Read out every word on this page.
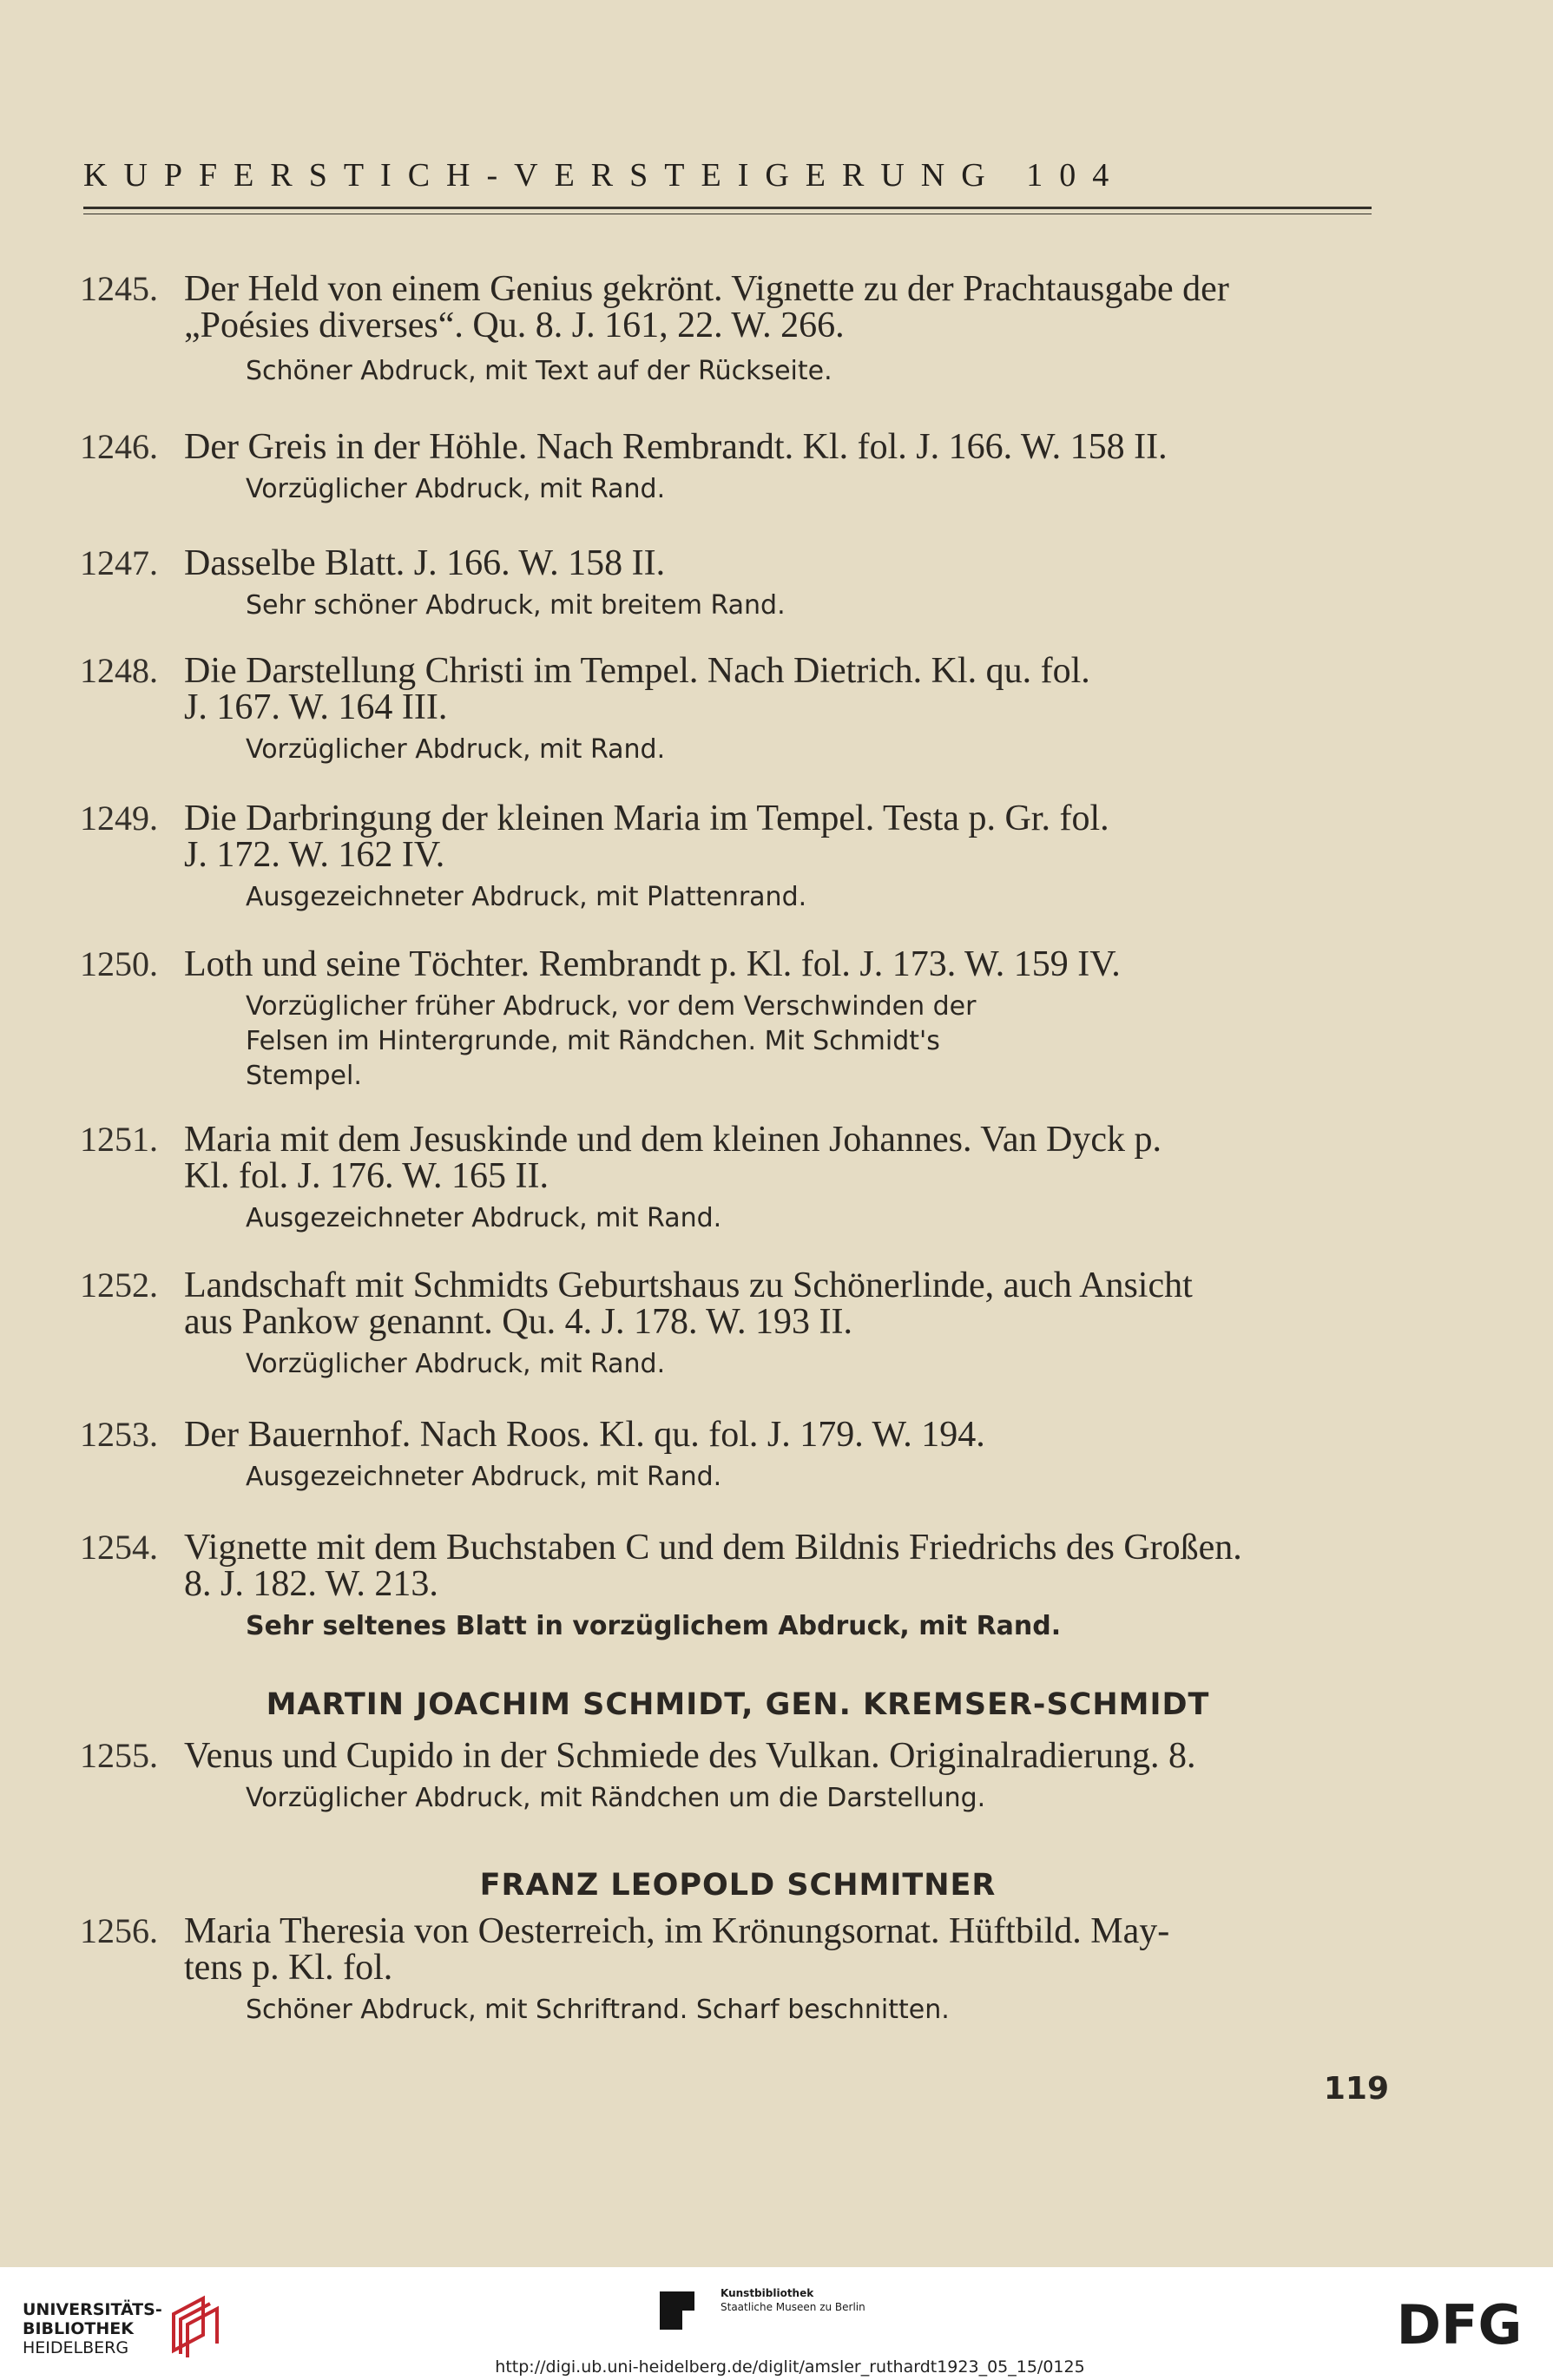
KUPFERSTICH-VERSTEIGERUNG 104
1245. Der Held von einem Genius gekrönt. Vignette zu der Prachtausgabe der
„Poésies diverses“. Qu. 8. J. 161, 22. W. 266.
Schöner Abdruck, mit Text auf der Rückseite.
1246. Der Greis in der Höhle. Nach Rembrandt. Kl. fol. J. 166. W. 158 II.
Vorzüglicher Abdruck, mit Rand.
1247. Dasselbe Blatt. J. 166. W. 158 II.
Sehr schöner Abdruck, mit breitem Rand.
1248. Die Darstellung Christi im Tempel. Nach Dietrich. Kl. qu. fol.
J. 167. W. 164 III.
Vorzüglicher Abdruck, mit Rand.
1249. Die Darbringung der kleinen Maria im Tempel. Testa p. Gr. fol.
J. 172. W. 162 IV.
Ausgezeichneter Abdruck, mit Plattenrand.
1250. Loth und seine Töchter. Rembrandt p. Kl. fol. J. 173. W. 159 IV.
Vorzüglicher früher Abdruck, vor dem Verschwinden der
Felsen im Hintergrunde, mit Rändchen. Mit Schmidt's
Stempel.
1251. Maria mit dem Jesuskinde und dem kleinen Johannes. Van Dyck p.
Kl. fol. J. 176. W. 165 II.
Ausgezeichneter Abdruck, mit Rand.
1252. Landschaft mit Schmidts Geburtshaus zu Schönerlinde, auch Ansicht
aus Pankow genannt. Qu. 4. J. 178. W. 193 II.
Vorzüglicher Abdruck, mit Rand.
1253. Der Bauernhof. Nach Roos. Kl. qu. fol. J. 179. W. 194.
Ausgezeichneter Abdruck, mit Rand.
1254. Vignette mit dem Buchstaben C und dem Bildnis Friedrichs des Großen.
8. J. 182. W. 213.
Sehr seltenes Blatt in vorzüglichem Abdruck, mit Rand.
MARTIN JOACHIM SCHMIDT, GEN. KREMSER-SCHMIDT
1255. Venus und Cupido in der Schmiede des Vulkan. Originalradierung. 8.
Vorzüglicher Abdruck, mit Rändchen um die Darstellung.
FRANZ LEOPOLD SCHMITNER
1256. Maria Theresia von Oesterreich, im Krönungsornat. Hüftbild. May-
tens p. Kl. fol.
Schöner Abdruck, mit Schriftrand. Scharf beschnitten.
119
UNIVERSITÄTS-
BIBLIOTHEK
HEIDELBERG
Kunstbibliothek
Staatliche Museen zu Berlin	DFG
http://digi.ub.uni-heidelberg.de/diglit/amsler_ruthardt1923_05_15/0125
